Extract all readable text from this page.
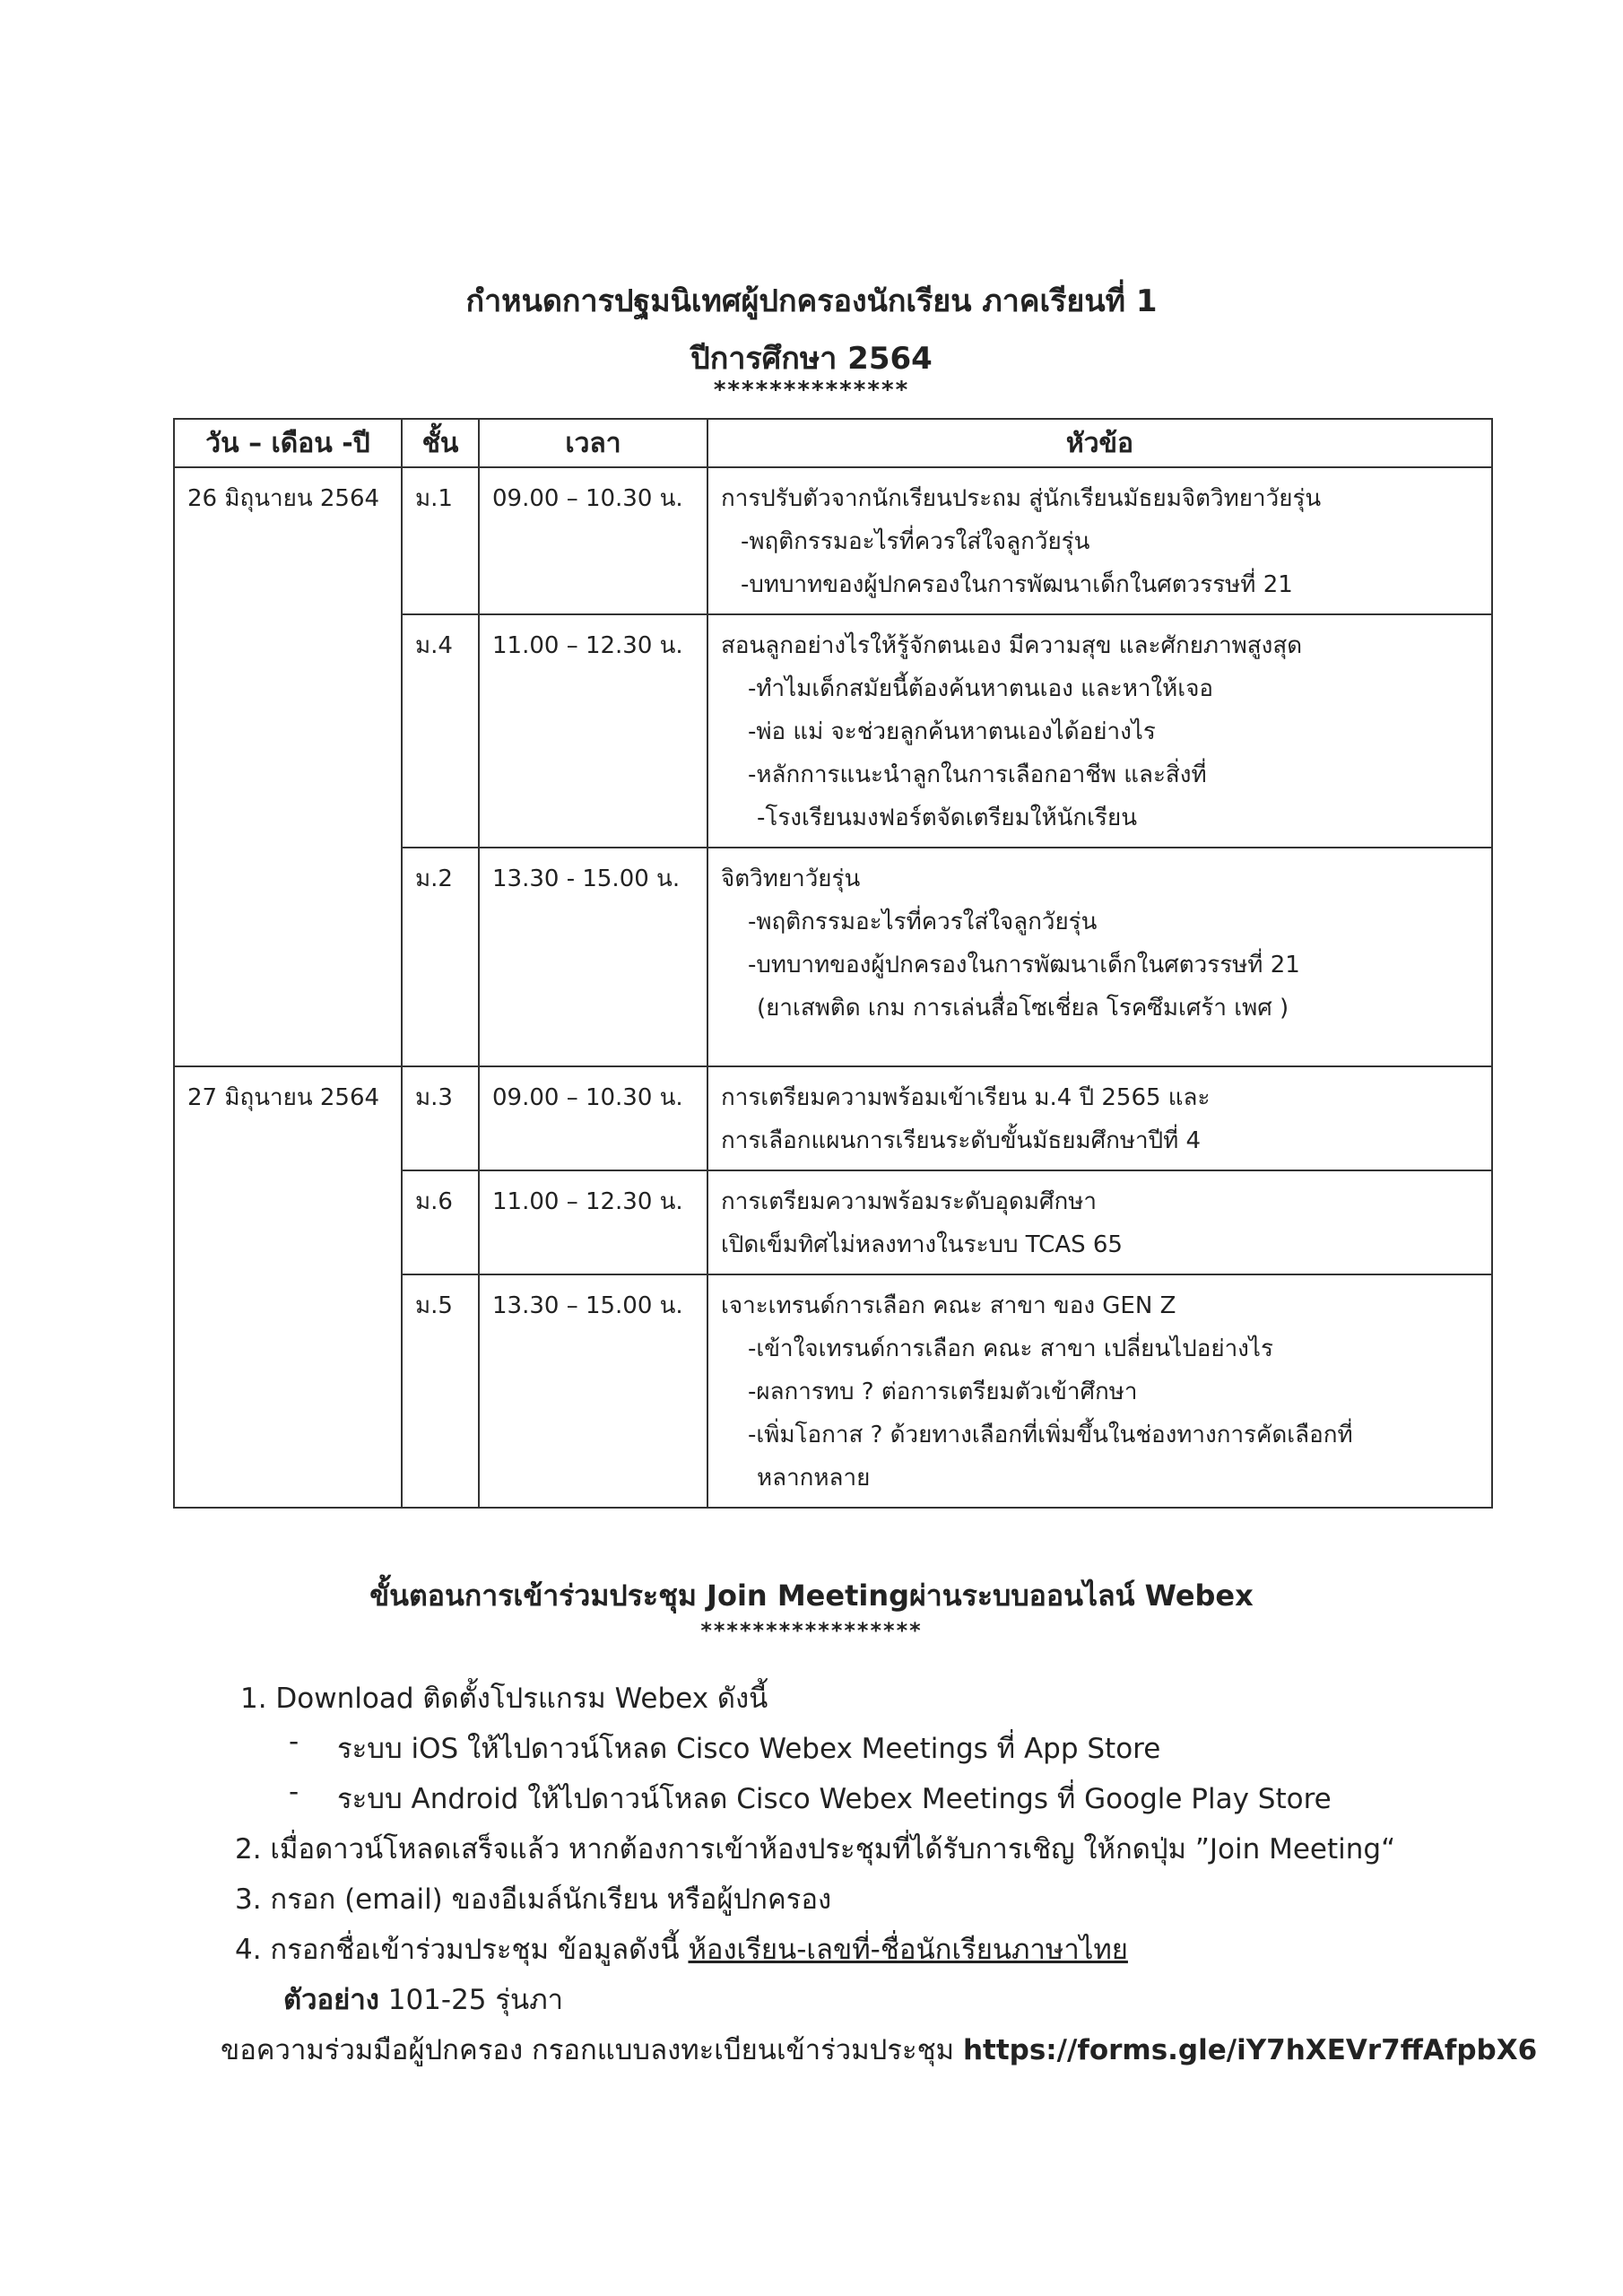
กำหนดการปฐมนิเทศผู้ปกครองนักเรียน ภาคเรียนที่ 1
ปีการศึกษา 2564
**************
วัน – เดือน -ปี	ชั้น	เวลา	หัวข้อ
26 มิถุนายน 2564	ม.1	09.00 – 10.30 น.	การปรับตัวจากนักเรียนประถม สู่นักเรียนมัธยมจิตวิทยาวัยรุ่น
-พฤติกรรมอะไรที่ควรใส่ใจลูกวัยรุ่น
-บทบาทของผู้ปกครองในการพัฒนาเด็กในศตวรรษที่ 21

	ม.4	11.00 – 12.30 น.	สอนลูกอย่างไรให้รู้จักตนเอง มีความสุข และศักยภาพสูงสุด
-ทำไมเด็กสมัยนี้ต้องค้นหาตนเอง และหาให้เจอ
-พ่อ แม่ จะช่วยลูกค้นหาตนเองได้อย่างไร
-หลักการแนะนำลูกในการเลือกอาชีพ และสิ่งที่
-โรงเรียนมงฟอร์ตจัดเตรียมให้นักเรียน

	ม.2	13.30 - 15.00 น.	จิตวิทยาวัยรุ่น
-พฤติกรรมอะไรที่ควรใส่ใจลูกวัยรุ่น
-บทบาทของผู้ปกครองในการพัฒนาเด็กในศตวรรษที่ 21
(ยาเสพติด เกม การเล่นสื่อโซเชี่ยล โรคซึมเศร้า เพศ )

27 มิถุนายน 2564	ม.3	09.00 – 10.30 น.	การเตรียมความพร้อมเข้าเรียน ม.4 ปี 2565 และ
การเลือกแผนการเรียนระดับขั้นมัธยมศึกษาปีที่ 4

	ม.6	11.00 – 12.30 น.	การเตรียมความพร้อมระดับอุดมศึกษา
เปิดเข็มทิศไม่หลงทางในระบบ TCAS 65

	ม.5	13.30 – 15.00 น.	เจาะเทรนด์การเลือก คณะ สาขา ของ GEN Z
-เข้าใจเทรนด์การเลือก คณะ สาขา เปลี่ยนไปอย่างไร
-ผลการทบ ? ต่อการเตรียมตัวเข้าศึกษา
-เพิ่มโอกาส ? ด้วยทางเลือกที่เพิ่มขึ้นในช่องทางการคัดเลือกที่
หลากหลาย
ขั้นตอนการเข้าร่วมประชุม Join Meetingผ่านระบบออนไลน์ Webex
*****************
1. Download ติดตั้งโปรแกรม Webex ดังนี้
- ระบบ iOS ให้ไปดาวน์โหลด Cisco Webex Meetings ที่ App Store
- ระบบ Android ให้ไปดาวน์โหลด Cisco Webex Meetings ที่ Google Play Store
2. เมื่อดาวน์โหลดเสร็จแล้ว หากต้องการเข้าห้องประชุมที่ได้รับการเชิญ ให้กดปุ่ม ”Join Meeting“
3. กรอก (email) ของอีเมล์นักเรียน หรือผู้ปกครอง
4. กรอกชื่อเข้าร่วมประชุม ข้อมูลดังนี้ ห้องเรียน-เลขที่-ชื่อนักเรียนภาษาไทย
ตัวอย่าง 101-25 รุ่นภา
ขอความร่วมมือผู้ปกครอง กรอกแบบลงทะเบียนเข้าร่วมประชุม https://forms.gle/iY7hXEVr7ffAfpbX6
